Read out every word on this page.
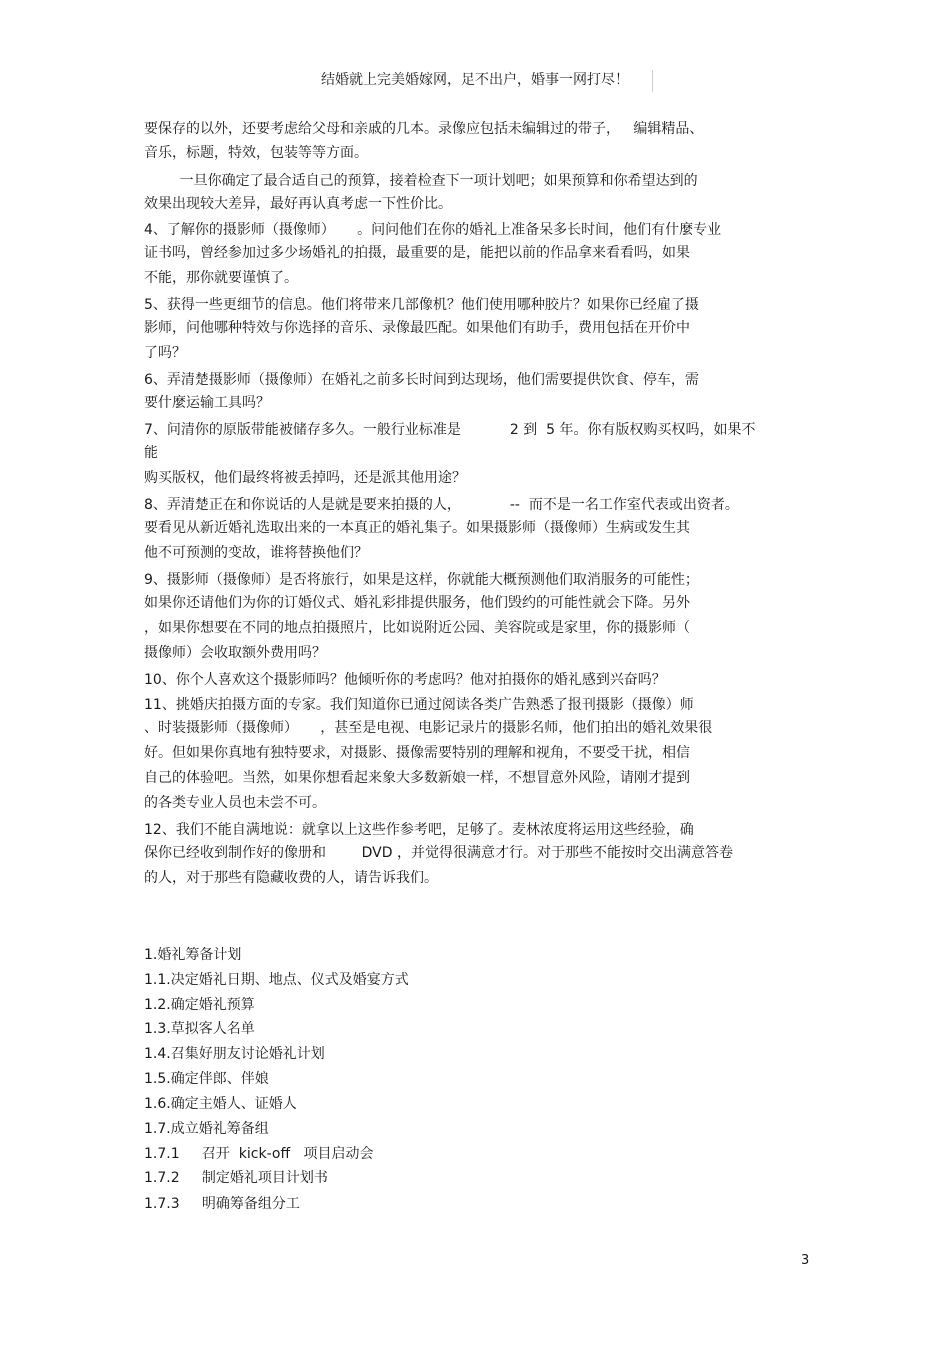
结婚就上完美婚嫁网，足不出户，婚事一网打尽！
要保存的以外，还要考虑给父母和亲戚的几本。录像应包括未编辑过的带子，   编辑精品、
音乐，标题，特效，包装等等方面。
一旦你确定了最合适自己的预算，接着检查下一项计划吧；如果预算和你希望达到的
效果出现较大差异，最好再认真考虑一下性价比。
4、了解你的摄影师（摄像师）     。问问他们在你的婚礼上准备呆多长时间，他们有什麼专业
证书吗，曾经参加过多少场婚礼的拍摄，最重要的是，能把以前的作品拿来看看吗，如果
不能，那你就要谨慎了。
5、获得一些更细节的信息。他们将带来几部像机？他们使用哪种胶片？如果你已经雇了摄
影师，问他哪种特效与你选择的音乐、录像最匹配。如果他们有助手，费用包括在开价中
了吗？
6、弄清楚摄影师（摄像师）在婚礼之前多长时间到达现场，他们需要提供饮食、停车，需
要什麼运输工具吗？
7、问清你的原版带能被储存多久。一般行业标准是           2 到  5 年。你有版权购买权吗，如果不
能
购买版权，他们最终将被丢掉吗，还是派其他用途？
8、弄清楚正在和你说话的人是就是要来拍摄的人，           --  而不是一名工作室代表或出资者。
要看见从新近婚礼选取出来的一本真正的婚礼集子。如果摄影师（摄像师）生病或发生其
他不可预测的变故，谁将替换他们？
9、摄影师（摄像师）是否将旅行，如果是这样，你就能大概预测他们取消服务的可能性；
如果你还请他们为你的订婚仪式、婚礼彩排提供服务，他们毁约的可能性就会下降。另外
，如果你想要在不同的地点拍摄照片，比如说附近公园、美容院或是家里，你的摄影师（
摄像师）会收取额外费用吗？
10、你个人喜欢这个摄影师吗？他倾听你的考虑吗？他对拍摄你的婚礼感到兴奋吗？
11、挑婚庆拍摄方面的专家。我们知道你已通过阅读各类广告熟悉了报刊摄影（摄像）师
、时装摄影师（摄像师）     ，甚至是电视、电影记录片的摄影名师，他们拍出的婚礼效果很
好。但如果你真地有独特要求，对摄影、摄像需要特别的理解和视角，不要受干扰，相信
自己的体验吧。当然，如果你想看起来象大多数新娘一样，不想冒意外风险，请刚才提到
的各类专业人员也未尝不可。
12、我们不能自满地说：就拿以上这些作参考吧，足够了。麦林浓度将运用这些经验，确
保你已经收到制作好的像册和        DVD ，并觉得很满意才行。对于那些不能按时交出满意答卷
的人，对于那些有隐藏收费的人，请告诉我们。
1.婚礼筹备计划
1.1.决定婚礼日期、地点、仪式及婚宴方式
1.2.确定婚礼预算
1.3.草拟客人名单
1.4.召集好朋友讨论婚礼计划
1.5.确定伴郎、伴娘
1.6.确定主婚人、证婚人
1.7.成立婚礼筹备组
1.7.1     召开  kick-off   项目启动会
1.7.2     制定婚礼项目计划书
1.7.3     明确筹备组分工
3
